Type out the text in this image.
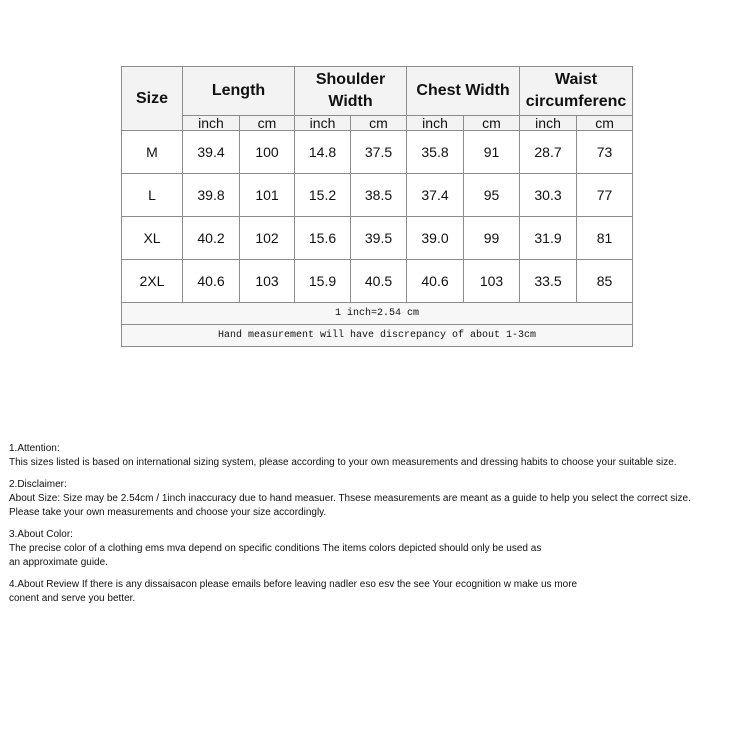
Size	Length		Shoulder Width		Chest Width		Waist circumferenc	
	inch	cm	inch	cm	inch	cm	inch	cm
M	39.4	100	14.8	37.5	35.8	91	28.7	73
L	39.8	101	15.2	38.5	37.4	95	30.3	77
XL	40.2	102	15.6	39.5	39.0	99	31.9	81
2XL	40.6	103	15.9	40.5	40.6	103	33.5	85
1 inch=2.54 cm								
Hand measurement will have discrepancy of about 1-3cm								

1.Attention:

This sizes listed is based on international sizing system, please according to your own measurements and dressing habits to choose your suitable size.

2.Disclaimer:

About Size: Size may be 2.54cm / 1inch inaccuracy due to hand measuer. Thsese measurements are meant as a guide to help you select the correct size.

Please take your own measurements and choose your size accordingly.

3.About Color:

The precise color of a clothing ems mva depend on specific conditions The items colors depicted should only be used as

an approximate guide.

4.About Review If there is any dissaisacon please emails before leaving nadler eso esv the see Your ecognition w make us more

conent and serve you better.
